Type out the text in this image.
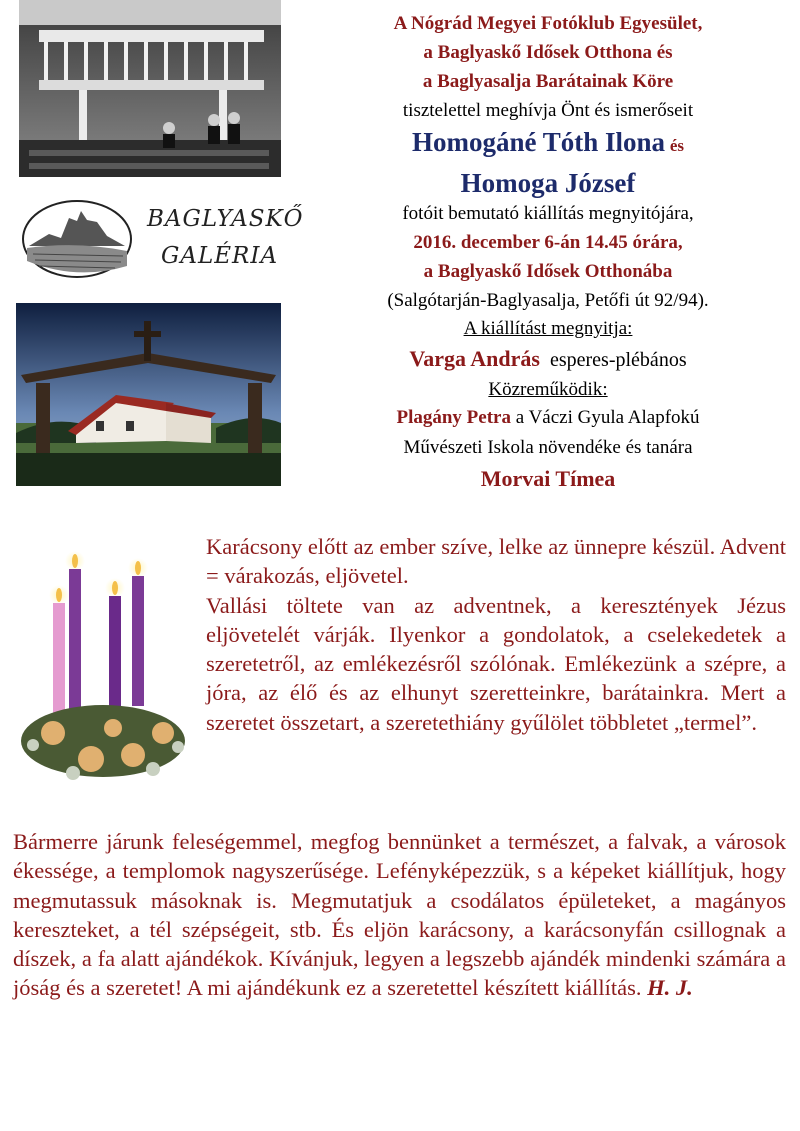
BAGLYASKŐ
GALÉRIA
A Nógrád Megyei Fotóklub Egyesület,
a Baglyaskő Idősek Otthona és
a Baglyasalja Barátainak Köre
tisztelettel meghívja Önt és ismerőseit
Homogáné Tóth Ilona és
Homoga József
fotóit bemutató kiállítás megnyitójára,
2016. december 6-án 14.45 órára,
a Baglyaskő Idősek Otthonába
(Salgótarján-Baglyasalja, Petőfi út 92/94).
A kiállítást megnyitja:
Varga András esperes-plébános
Közreműködik:
Plagány Petra a Váczi Gyula Alapfokú
Művészeti Iskola növendéke és tanára
Morvai Tímea

Karácsony előtt az ember szíve, lelke az ünnepre készül. Advent = várakozás, eljövetel.

Vallási töltete van az adventnek, a keresztények Jézus eljövetelét várják. Ilyenkor a gondolatok, a cselekedetek a szeretetről, az emlékezésről szólónak. Emlékezünk a szépre, a jóra, az élő és az elhunyt szeretteinkre, barátainkra. Mert a szeretet összetart, a szeretethiány gyűlölet többletet „termel”.

Bármerre járunk feleségemmel, megfog bennünket a természet, a falvak, a városok ékessége, a templomok nagyszerűsége. Lefényképezzük, s a képeket kiállítjuk, hogy megmutassuk másoknak is. Megmutatjuk a csodálatos épületeket, a magányos kereszteket, a tél szépségeit, stb. És eljön karácsony, a karácsonyfán csillognak a díszek, a fa alatt ajándékok. Kívánjuk, legyen a legszebb ajándék mindenki számára a jóság és a szeretet! A mi ajándékunk ez a szeretettel készített kiállítás. H. J.
